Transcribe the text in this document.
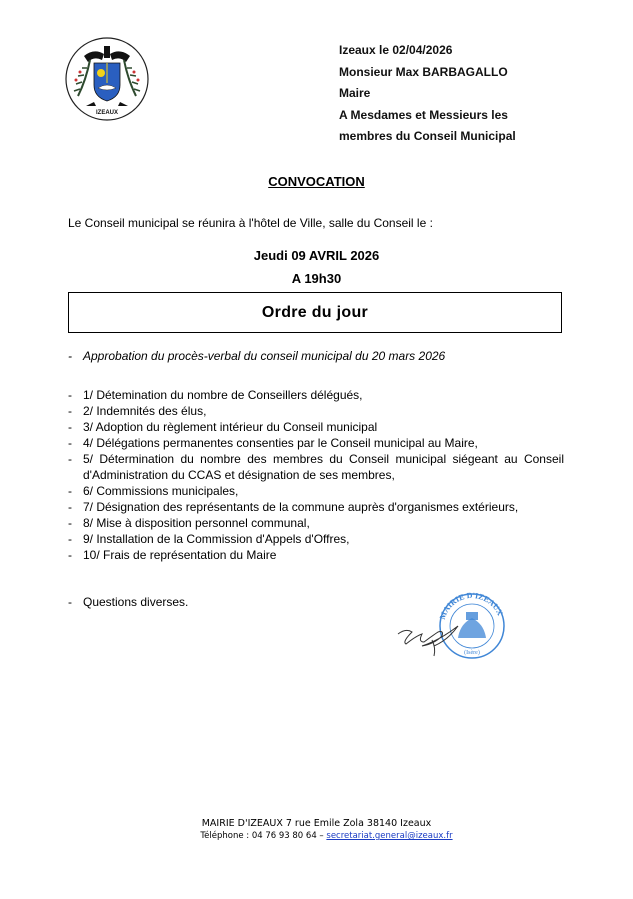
IZEAUX
Izeaux le 02/04/2026
Monsieur Max BARBAGALLO
Maire
A Mesdames et Messieurs les
membres du Conseil Municipal
CONVOCATION
Le Conseil municipal se réunira à l'hôtel de Ville, salle du Conseil le :
Jeudi 09 AVRIL 2026
A 19h30
Ordre du jour
- Approbation du procès-verbal du conseil municipal du 20 mars 2026
- 1/ Détemination du nombre de Conseillers délégués,
- 2/ Indemnités des élus,
- 3/ Adoption du règlement intérieur du Conseil municipal
- 4/ Délégations permanentes consenties par le Conseil municipal au Maire,
- 5/ Détermination du nombre des membres du Conseil municipal siégeant au Conseil d'Administration du CCAS et désignation de ses membres,
- 6/ Commissions municipales,
- 7/ Désignation des représentants de la commune auprès d'organismes extérieurs,
- 8/ Mise à disposition personnel communal,
- 9/ Installation de la Commission d'Appels d'Offres,
- 10/ Frais de représentation du Maire
- Questions diverses.
MAIRIE D'IZEAUX
(Isère)
MAIRIE D'IZEAUX 7 rue Emile Zola 38140 Izeaux
Téléphone : 04 76 93 80 64 – secretariat.general@izeaux.fr
